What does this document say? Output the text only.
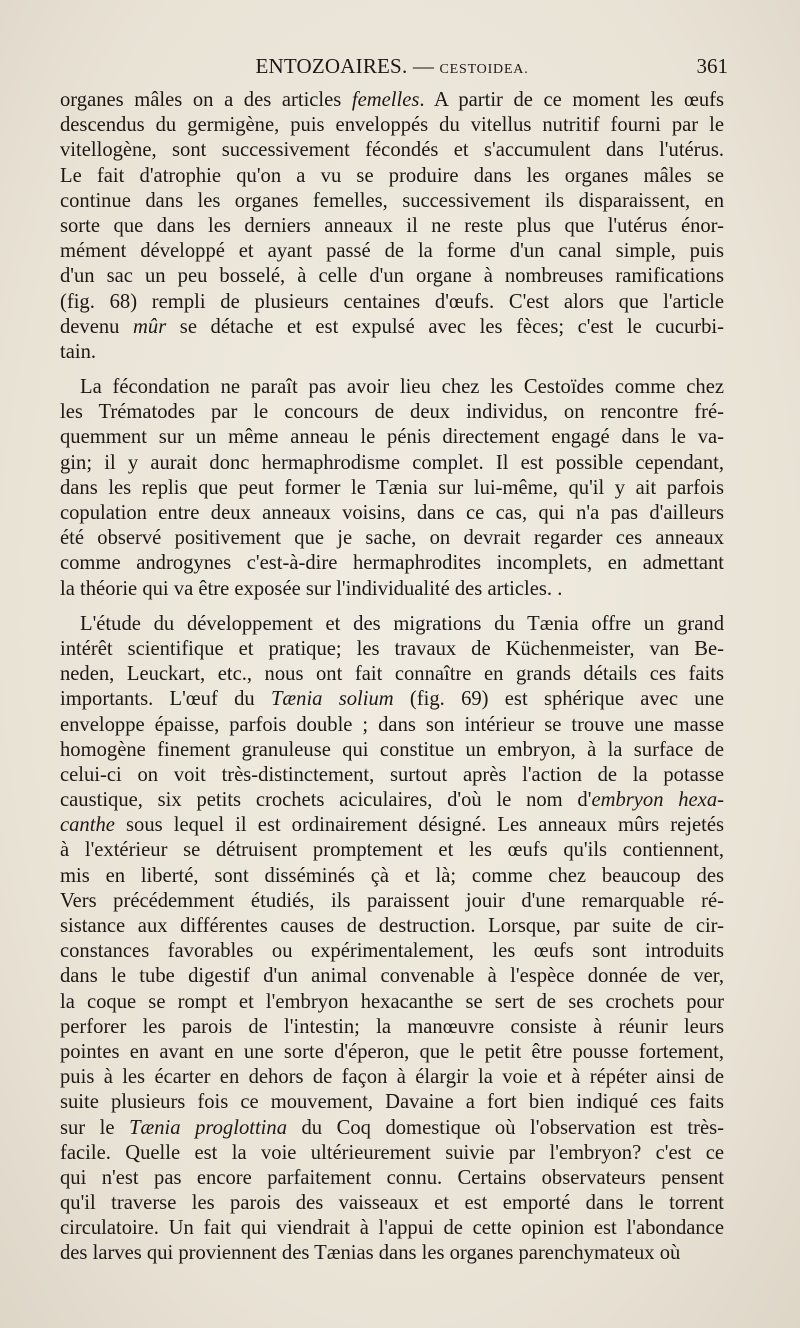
ENTOZOAIRES. — CESTOIDEA.	361
organes mâles on a des articles femelles. A partir de ce moment les œufs
descendus du germigène, puis enveloppés du vitellus nutritif fourni par le
vitellogène, sont successivement fécondés et s'accumulent dans l'utérus.
Le fait d'atrophie qu'on a vu se produire dans les organes mâles se
continue dans les organes femelles, successivement ils disparaissent, en
sorte que dans les derniers anneaux il ne reste plus que l'utérus énor-
mément développé et ayant passé de la forme d'un canal simple, puis
d'un sac un peu bosselé, à celle d'un organe à nombreuses ramifications
(fig. 68) rempli de plusieurs centaines d'œufs. C'est alors que l'article
devenu mûr se détache et est expulsé avec les fèces; c'est le cucurbi-
tain.
La fécondation ne paraît pas avoir lieu chez les Cestoïdes comme chez
les Trématodes par le concours de deux individus, on rencontre fré-
quemment sur un même anneau le pénis directement engagé dans le va-
gin; il y aurait donc hermaphrodisme complet. Il est possible cependant,
dans les replis que peut former le Tænia sur lui-même, qu'il y ait parfois
copulation entre deux anneaux voisins, dans ce cas, qui n'a pas d'ailleurs
été observé positivement que je sache, on devrait regarder ces anneaux
comme androgynes c'est-à-dire hermaphrodites incomplets, en admettant
la théorie qui va être exposée sur l'individualité des articles. .
L'étude du développement et des migrations du Tænia offre un grand
intérêt scientifique et pratique; les travaux de Küchenmeister, van Be-
neden, Leuckart, etc., nous ont fait connaître en grands détails ces faits
importants. L'œuf du Tænia solium (fig. 69) est sphérique avec une
enveloppe épaisse, parfois double ; dans son intérieur se trouve une masse
homogène finement granuleuse qui constitue un embryon, à la surface de
celui-ci on voit très-distinctement, surtout après l'action de la potasse
caustique, six petits crochets aciculaires, d'où le nom d'embryon hexa-
canthe sous lequel il est ordinairement désigné. Les anneaux mûrs rejetés
à l'extérieur se détruisent promptement et les œufs qu'ils contiennent,
mis en liberté, sont disséminés çà et là; comme chez beaucoup des
Vers précédemment étudiés, ils paraissent jouir d'une remarquable ré-
sistance aux différentes causes de destruction. Lorsque, par suite de cir-
constances favorables ou expérimentalement, les œufs sont introduits
dans le tube digestif d'un animal convenable à l'espèce donnée de ver,
la coque se rompt et l'embryon hexacanthe se sert de ses crochets pour
perforer les parois de l'intestin; la manœuvre consiste à réunir leurs
pointes en avant en une sorte d'éperon, que le petit être pousse fortement,
puis à les écarter en dehors de façon à élargir la voie et à répéter ainsi de
suite plusieurs fois ce mouvement, Davaine a fort bien indiqué ces faits
sur le Tænia proglottina du Coq domestique où l'observation est très-
facile. Quelle est la voie ultérieurement suivie par l'embryon? c'est ce
qui n'est pas encore parfaitement connu. Certains observateurs pensent
qu'il traverse les parois des vaisseaux et est emporté dans le torrent
circulatoire. Un fait qui viendrait à l'appui de cette opinion est l'abondance
des larves qui proviennent des Tænias dans les organes parenchymateux où
